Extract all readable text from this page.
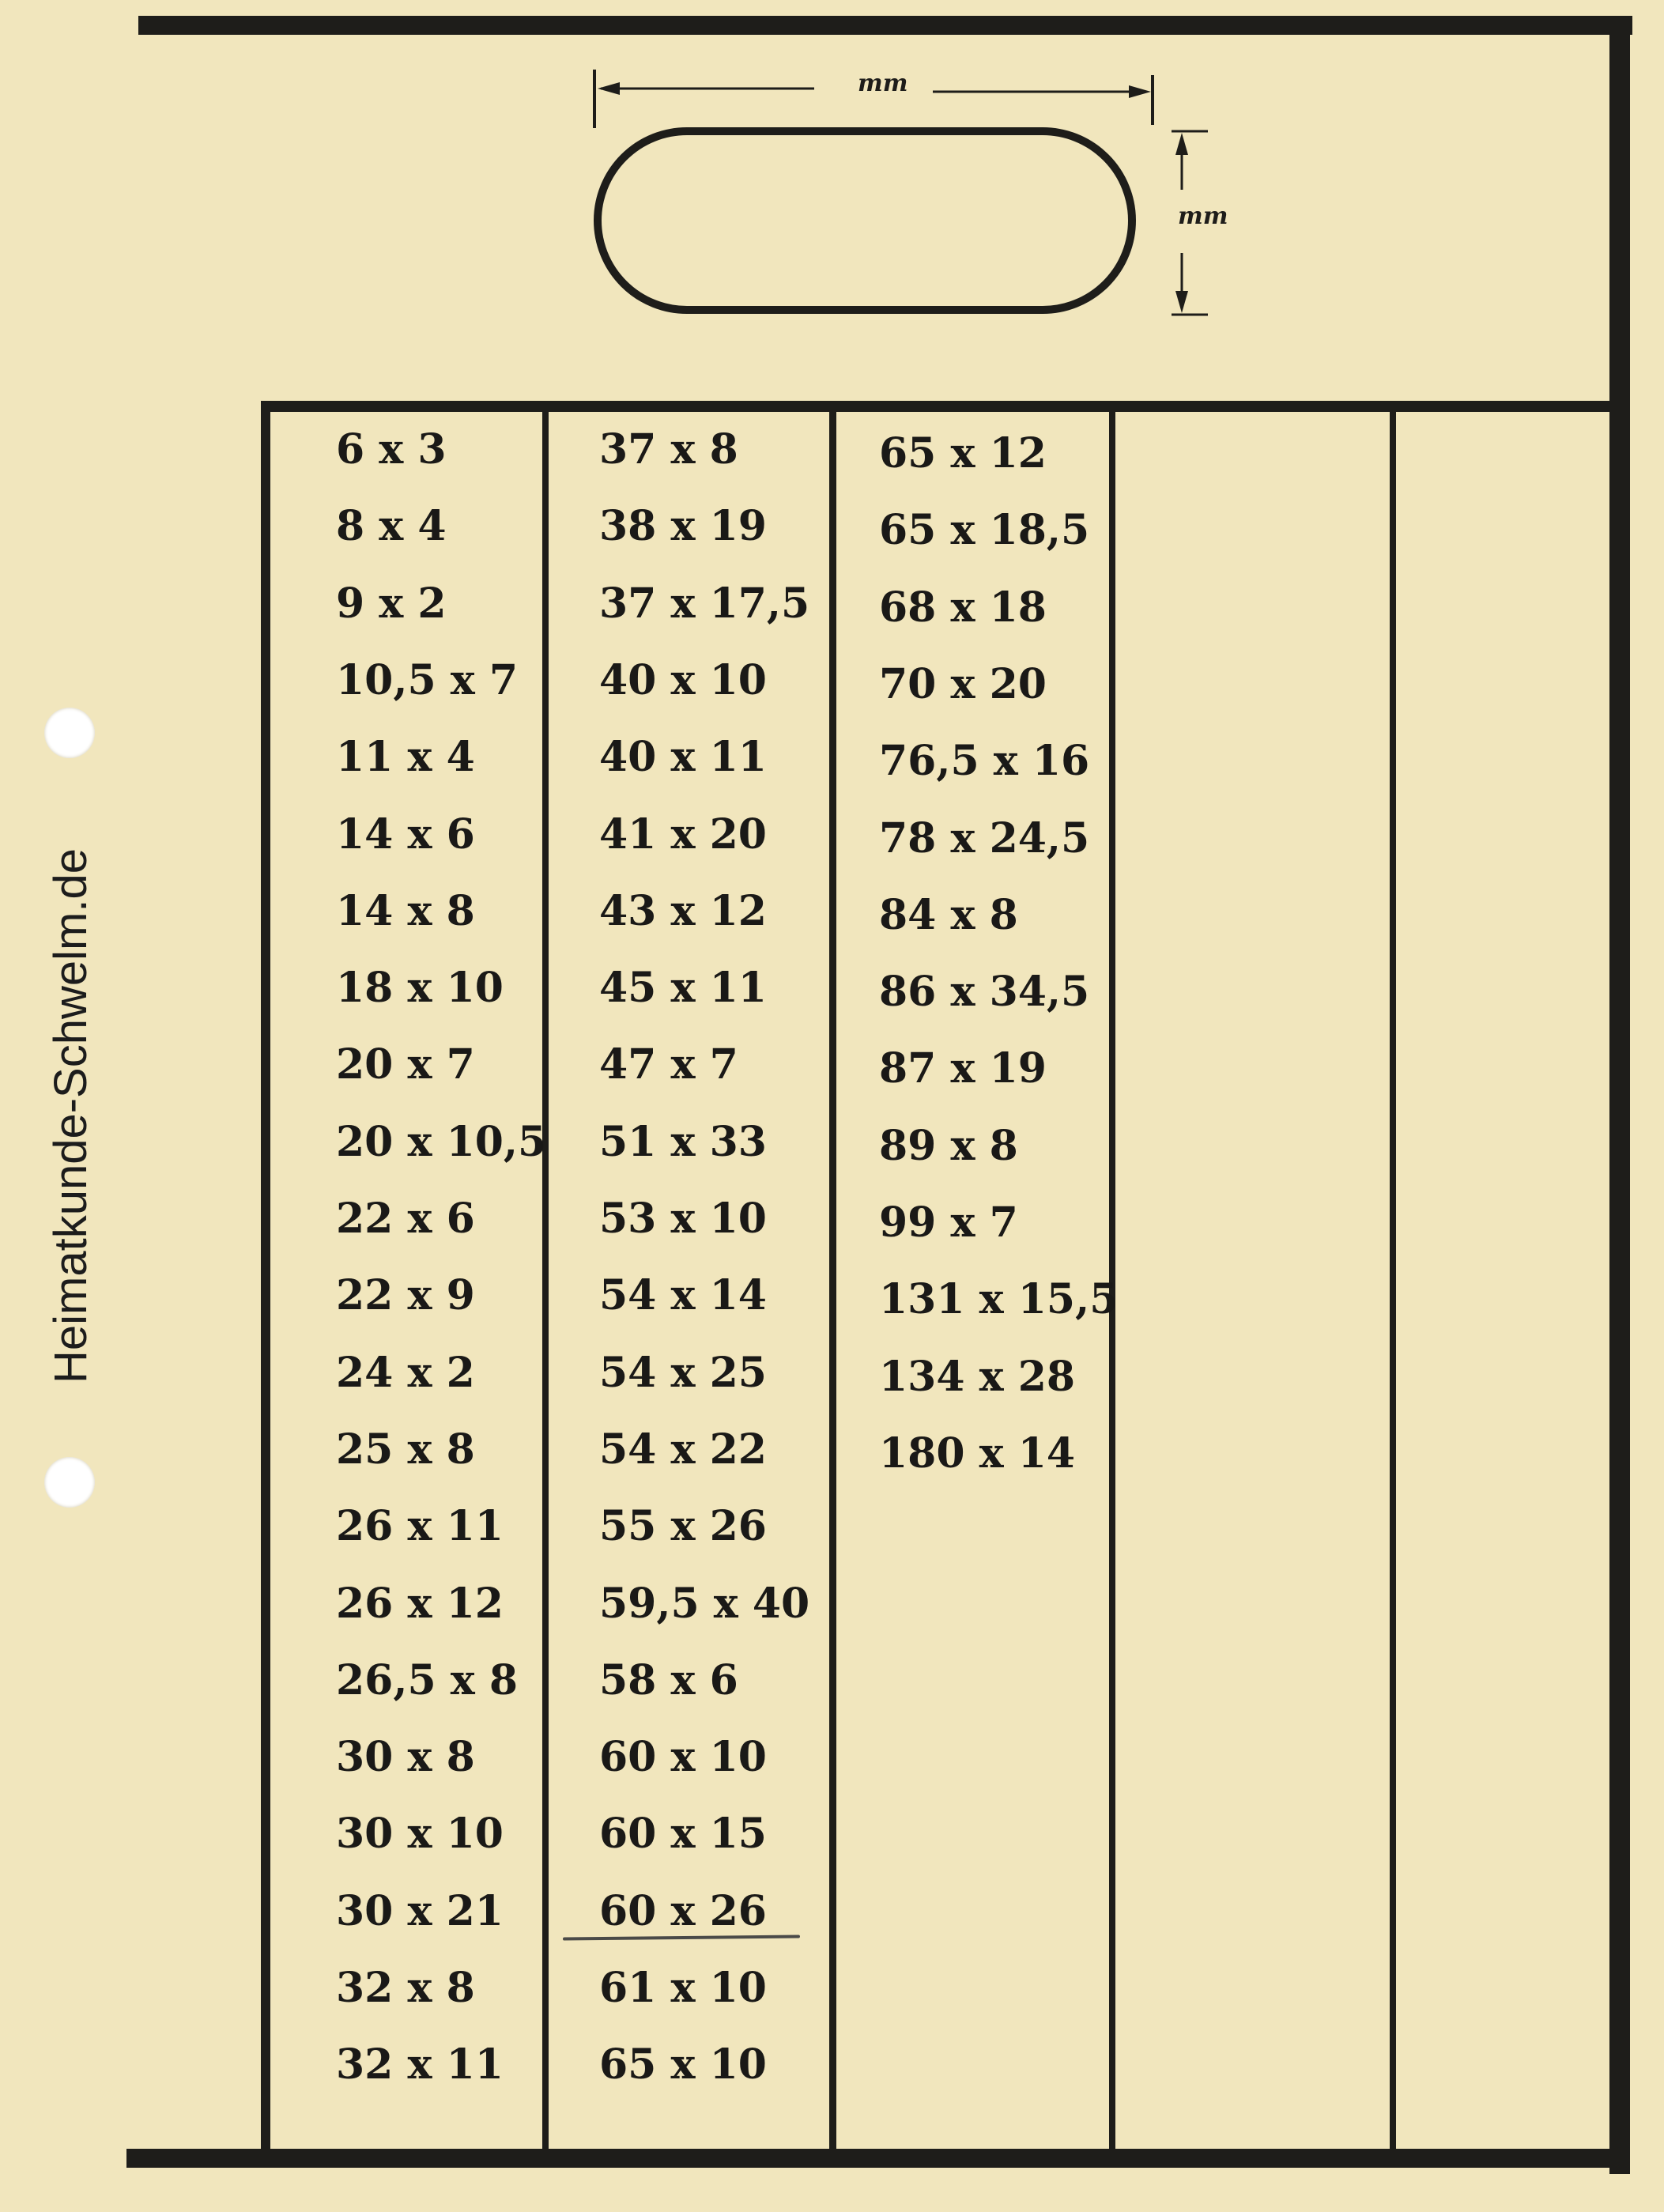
mm
mm
Heimatkunde-Schwelm.de
6 x 3
8 x 4
9 x 2
10,5 x 7
11 x 4
14 x 6
14 x 8
18 x 10
20 x 7
20 x 10,5
22 x 6
22 x 9
24 x 2
25 x 8
26 x 11
26 x 12
26,5 x 8
30 x 8
30 x 10
30 x 21
32 x 8
32 x 11
37 x 8
38 x 19
37 x 17,5
40 x 10
40 x 11
41 x 20
43 x 12
45 x 11
47 x 7
51 x 33
53 x 10
54 x 14
54 x 25
54 x 22
55 x 26
59,5 x 40
58 x 6
60 x 10
60 x 15
60 x 26
61 x 10
65 x 10
65 x 12
65 x 18,5
68 x 18
70 x 20
76,5 x 16
78 x 24,5
84 x 8
86 x 34,5
87 x 19
89 x 8
99 x 7
131 x 15,5
134 x 28
180 x 14
